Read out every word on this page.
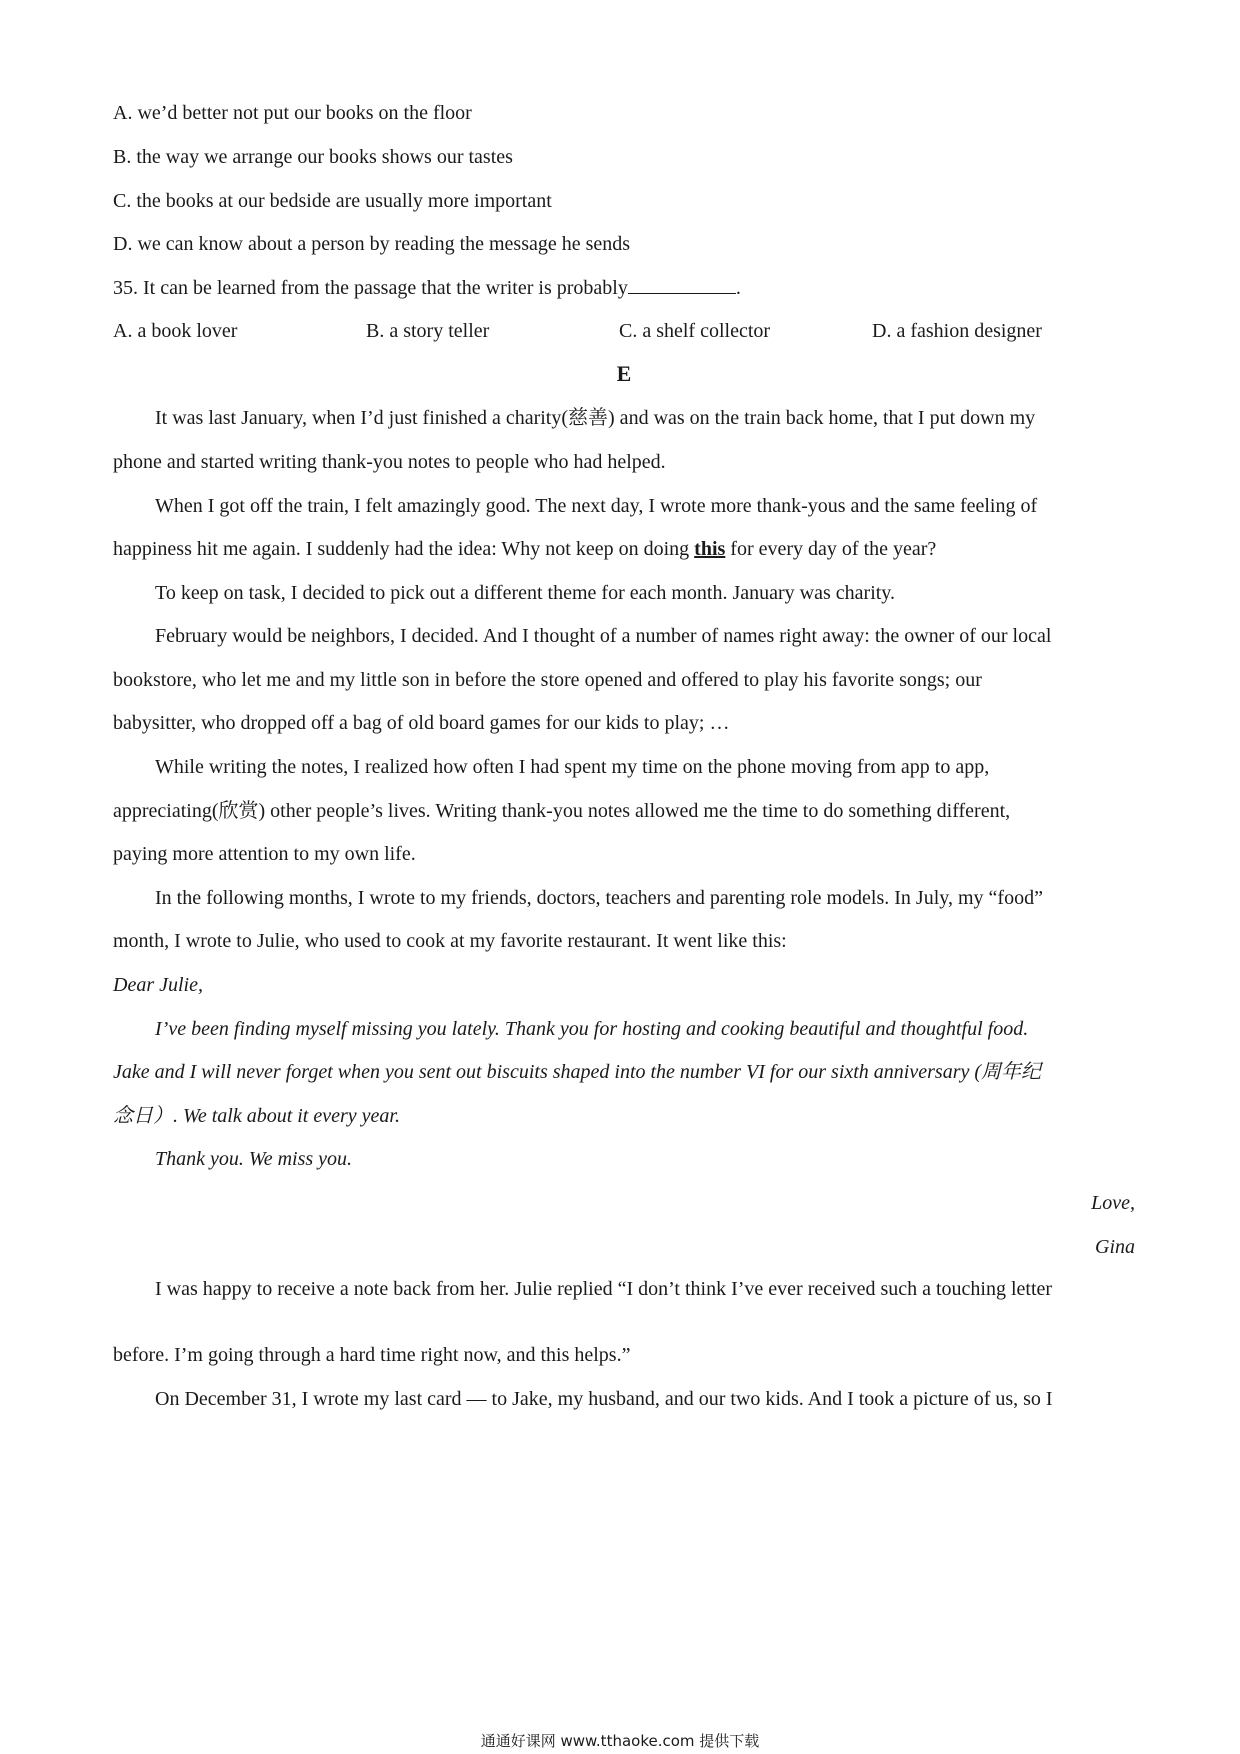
A. we’d better not put our books on the floor
B. the way we arrange our books shows our tastes
C. the books at our bedside are usually more important
D. we can know about a person by reading the message he sends
35. It can be learned from the passage that the writer is probably	.
A. a book lover	B. a story teller	C. a shelf collector	D. a fashion designer
E
It was last January, when I’d just finished a charity(慈善) and was on the train back home, that I put down my
phone and started writing thank-you notes to people who had helped.
When I got off the train, I felt amazingly good. The next day, I wrote more thank-yous and the same feeling of
happiness hit me again. I suddenly had the idea: Why not keep on doing this for every day of the year?
To keep on task, I decided to pick out a different theme for each month. January was charity.
February would be neighbors, I decided. And I thought of a number of names right away: the owner of our local
bookstore, who let me and my little son in before the store opened and offered to play his favorite songs; our
babysitter, who dropped off a bag of old board games for our kids to play; …
While writing the notes, I realized how often I had spent my time on the phone moving from app to app,
appreciating(欣赏) other people’s lives. Writing thank-you notes allowed me the time to do something different,
paying more attention to my own life.
In the following months, I wrote to my friends, doctors, teachers and parenting role models. In July, my “food”
month, I wrote to Julie, who used to cook at my favorite restaurant. It went like this:
Dear Julie,
I’ve been finding myself missing you lately. Thank you for hosting and cooking beautiful and thoughtful food.
Jake and I will never forget when you sent out biscuits shaped into the number VI for our sixth anniversary (周年纪
念日）. We talk about it every year.
Thank you. We miss you.
Love,
Gina
I was happy to receive a note back from her. Julie replied “I don’t think I’ve ever received such a touching letter
before. I’m going through a hard time right now, and this helps.”
On December 31, I wrote my last card — to Jake, my husband, and our two kids. And I took a picture of us, so I
通通好课网 www.tthaoke.com 提供下载
